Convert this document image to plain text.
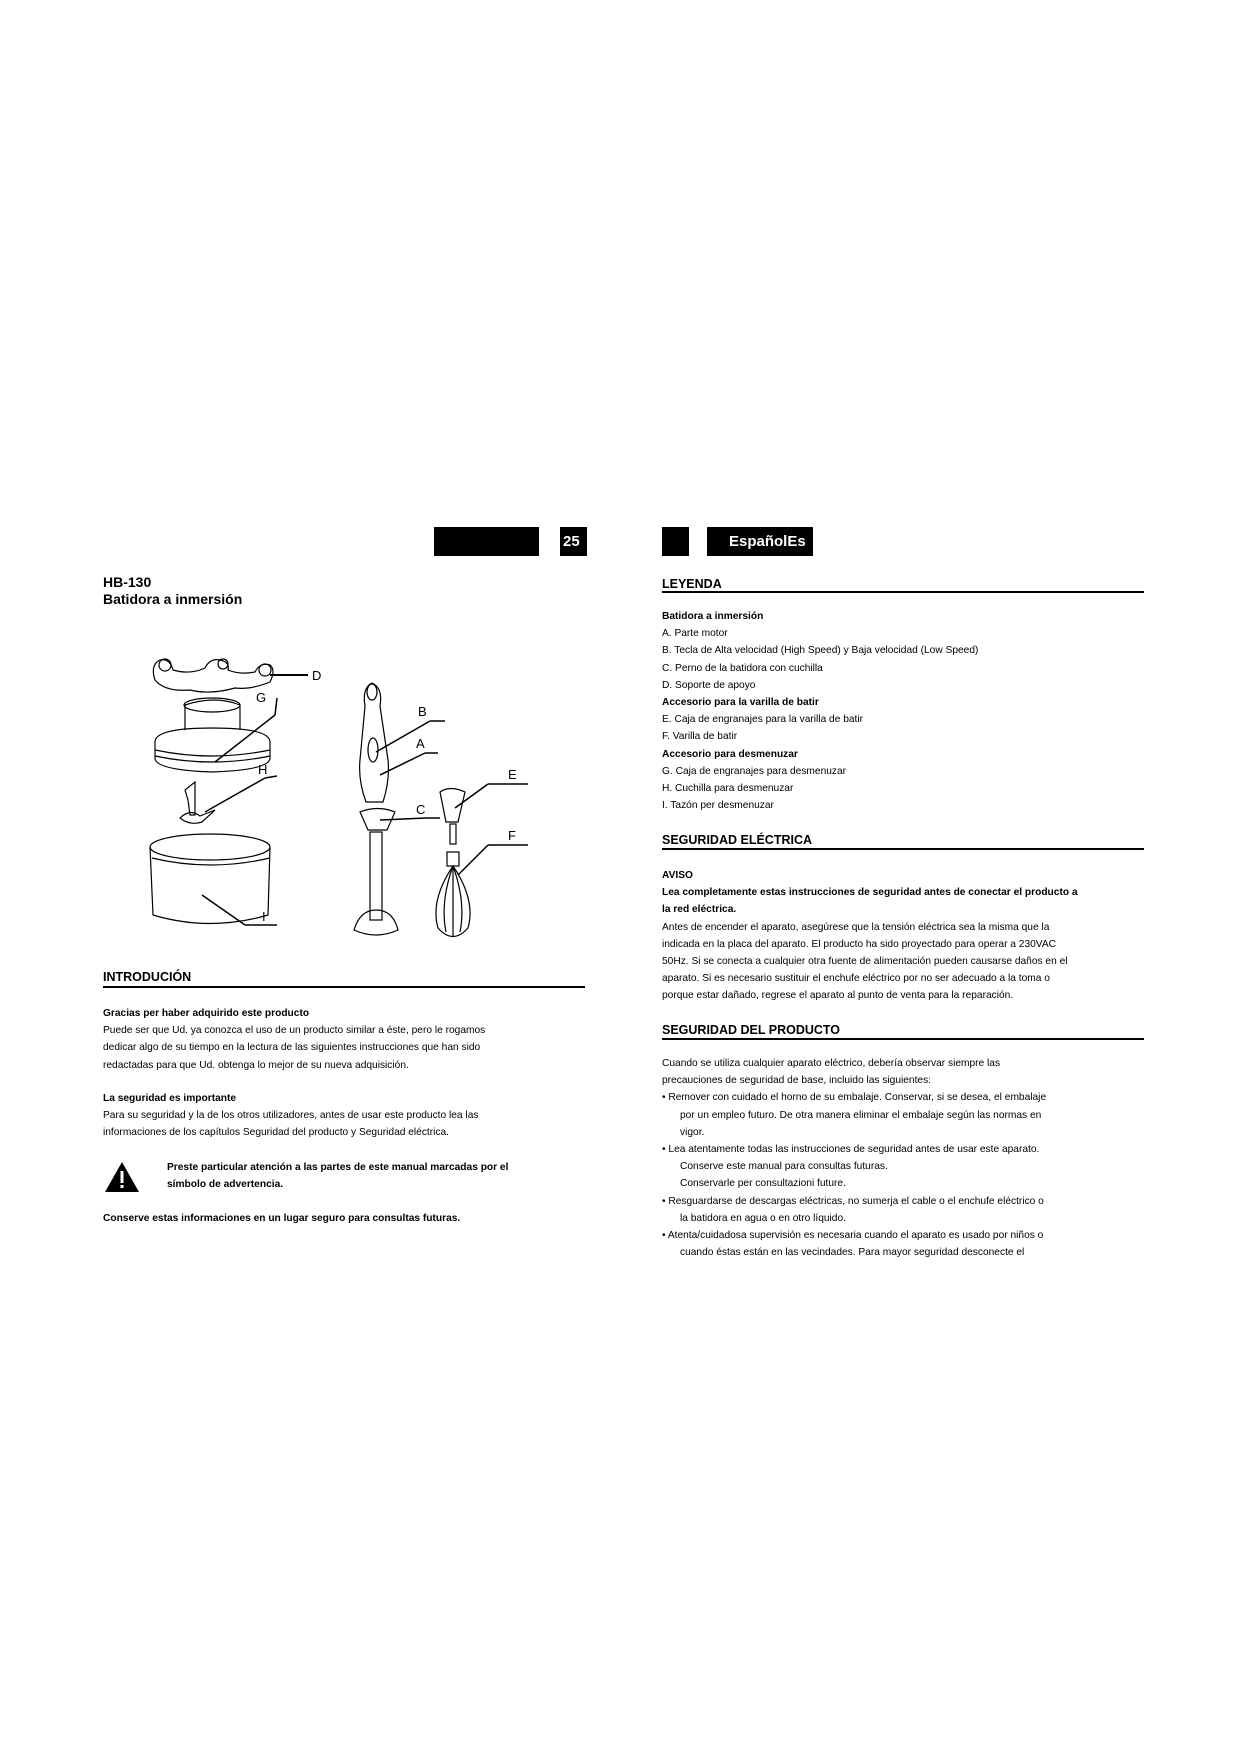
25	EspañolEs
HB-130
Batidora a inmersión
D
G
H
I
B
A
C
E
F
INTRODUCIÓN
Gracias per haber adquirido este producto
Puede ser que Ud. ya conozca el uso de un producto similar a éste, pero le rogamos
dedicar algo de su tiempo en la lectura de las siguientes instrucciones que han sido
redactadas para que Ud. obtenga lo mejor de su nueva adquisición.
La seguridad es importante
Para su seguridad y la de los otros utilizadores, antes de usar este producto lea las
informaciones de los capítulos Seguridad del producto y Seguridad eléctrica.
Preste particular atención a las partes de este manual marcadas por el
símbolo de advertencia.
Conserve estas informaciones en un lugar seguro para consultas futuras.
LEYENDA
Batidora a inmersión
A. Parte motor
B. Tecla de Alta velocidad (High Speed) y Baja velocidad (Low Speed)
C. Perno de la batidora con cuchilla
D. Soporte de apoyo
Accesorio para la varilla de batir
E. Caja de engranajes para la varilla de batir
F. Varilla de batir
Accesorio para desmenuzar
G. Caja de engranajes para desmenuzar
H. Cuchilla para desmenuzar
I. Tazón per desmenuzar
SEGURIDAD ELÉCTRICA
AVISO
Lea completamente estas instrucciones de seguridad antes de conectar el producto a
la red eléctrica.
Antes de encender el aparato, asegúrese que la tensión eléctrica sea la misma que la
indicada en la placa del aparato. El producto ha sido proyectado para operar a 230VAC
50Hz. Si se conecta a cualquier otra fuente de alimentación pueden causarse daños en el
aparato. Si es necesario sustituir el enchufe eléctrico por no ser adecuado a la toma o
porque estar dañado, regrese el aparato al punto de venta para la reparación.
SEGURIDAD DEL PRODUCTO
Cuando se utiliza cualquier aparato eléctrico, debería observar siempre las
precauciones de seguridad de base, incluido las siguientes:
• Remover con cuidado el horno de su embalaje. Conservar, si se desea, el embalaje
por un empleo futuro. De otra manera eliminar el embalaje según las normas en
vigor.
• Lea atentamente todas las instrucciones de seguridad antes de usar este aparato.
Conserve este manual para consultas futuras.
Conservarle per consultazioni future.
• Resguardarse de descargas eléctricas, no sumerja el cable o el enchufe eléctrico o
la batidora en agua o en otro líquido.
• Atenta/cuidadosa supervisión es necesaria cuando el aparato es usado por niños o
cuando éstas están en las vecindades. Para mayor seguridad desconecte el
